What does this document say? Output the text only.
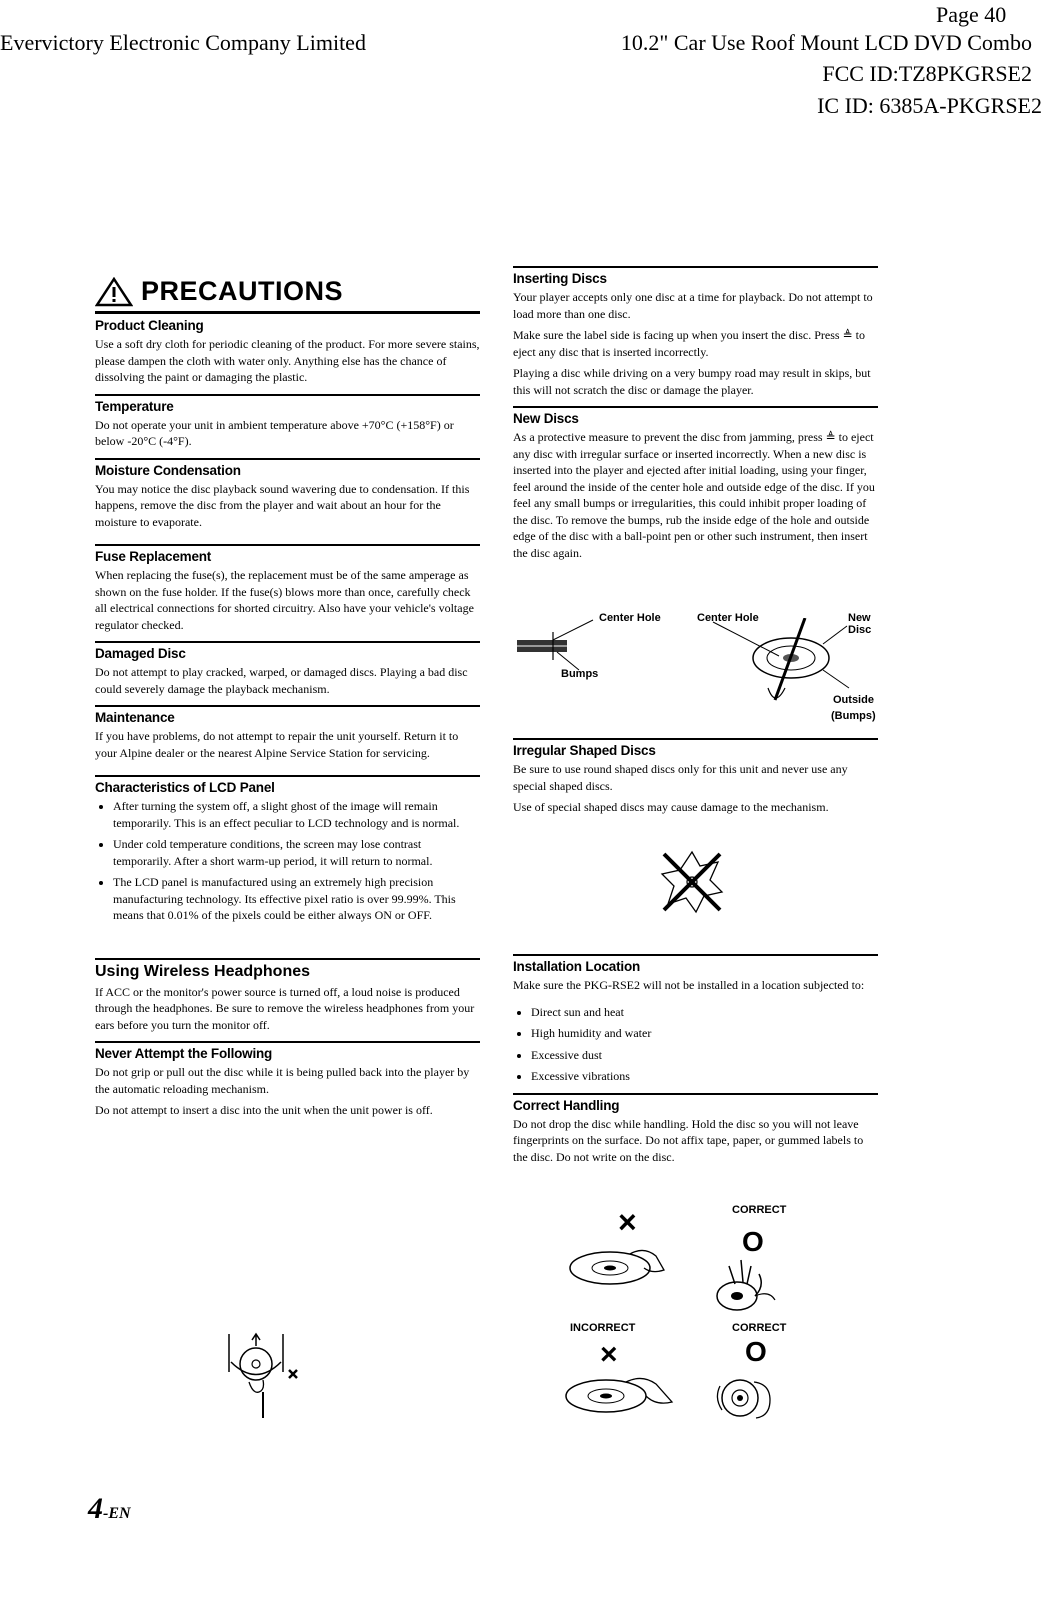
Page 40
Evervictory Electronic Company Limited	10.2" Car Use Roof Mount LCD DVD Combo
FCC ID:TZ8PKGRSE2
IC ID: 6385A-PKGRSE2
PRECAUTIONS
Product Cleaning

Use a soft dry cloth for periodic cleaning of the product. For more severe stains, please dampen the cloth with water only. Anything else has the chance of dissolving the paint or damaging the plastic.

Temperature

Do not operate your unit in ambient temperature above +70°C (+158°F) or below -20°C (-4°F).

Moisture Condensation

You may notice the disc playback sound wavering due to condensation. If this happens, remove the disc from the player and wait about an hour for the moisture to evaporate.

Fuse Replacement

When replacing the fuse(s), the replacement must be of the same amperage as shown on the fuse holder. If the fuse(s) blows more than once, carefully check all electrical connections for shorted circuitry. Also have your vehicle's voltage regulator checked.

Damaged Disc

Do not attempt to play cracked, warped, or damaged discs. Playing a bad disc could severely damage the playback mechanism.

Maintenance

If you have problems, do not attempt to repair the unit yourself. Return it to your Alpine dealer or the nearest Alpine Service Station for servicing.

Characteristics of LCD Panel
• After turning the system off, a slight ghost of the image will remain temporarily. This is an effect peculiar to LCD technology and is normal.
• Under cold temperature conditions, the screen may lose contrast temporarily. After a short warm-up period, it will return to normal.
• The LCD panel is manufactured using an extremely high precision manufacturing technology. Its effective pixel ratio is over 99.99%. This means that 0.01% of the pixels could be either always ON or OFF.
Using Wireless Headphones

If ACC or the monitor's power source is turned off, a loud noise is produced through the headphones. Be sure to remove the wireless headphones from your ears before you turn the monitor off.

Never Attempt the Following

Do not grip or pull out the disc while it is being pulled back into the player by the automatic reloading mechanism.

Do not attempt to insert a disc into the unit when the unit power is off.

4-EN
Inserting Discs

Your player accepts only one disc at a time for playback. Do not attempt to load more than one disc.

Make sure the label side is facing up when you insert the disc. Press ≜ to eject any disc that is inserted incorrectly.

Playing a disc while driving on a very bumpy road may result in skips, but this will not scratch the disc or damage the player.

New Discs

As a protective measure to prevent the disc from jamming, press ≜ to eject any disc with irregular surface or inserted incorrectly. When a new disc is inserted into the player and ejected after initial loading, using your finger, feel around the inside of the center hole and outside edge of the disc. If you feel any small bumps or irregularities, this could inhibit proper loading of the disc. To remove the bumps, rub the inside edge of the hole and outside edge of the disc with a ball-point pen or other such instrument, then insert the disc again.

Center Hole
Bumps
Center Hole	New Disc
Outside
(Bumps)
Irregular Shaped Discs

Be sure to use round shaped discs only for this unit and never use any special shaped discs.

Use of special shaped discs may cause damage to the mechanism.

Installation Location

Make sure the PKG-RSE2 will not be installed in a location subjected to:

• Direct sun and heat
• High humidity and water
• Excessive dust
• Excessive vibrations
Correct Handling

Do not drop the disc while handling. Hold the disc so you will not leave fingerprints on the surface. Do not affix tape, paper, or gummed labels to the disc. Do not write on the disc.

×	CORRECT
O
INCORRECT	CORRECT
×	O
